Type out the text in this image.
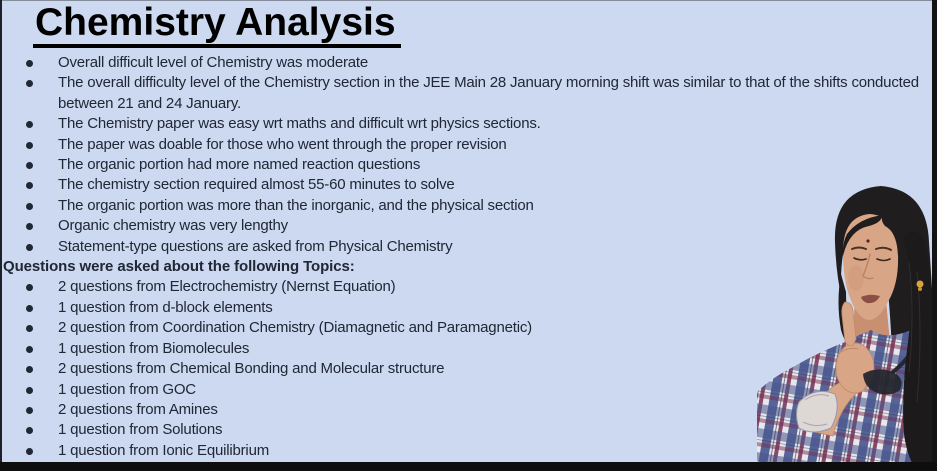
Chemistry Analysis
Overall difficult level of Chemistry was moderate
The overall difficulty level of the Chemistry section in the JEE Main 28 January morning shift was similar to that of the shifts conducted between 21 and 24 January.
The Chemistry paper was easy wrt maths and difficult wrt physics sections.
The paper was doable for those who went through the proper revision
The organic portion had more named reaction questions
The chemistry section required almost 55-60 minutes to solve
The organic portion was more than the inorganic, and the physical section
Organic chemistry was very lengthy
Statement-type questions are asked from Physical Chemistry
Questions were asked about the following Topics:
2 questions from Electrochemistry (Nernst Equation)
1 question from d-block elements
2 question from Coordination Chemistry (Diamagnetic and Paramagnetic)
1 question from Biomolecules
2 questions from Chemical Bonding and Molecular structure
1 question from GOC
2 questions from Amines
1 question from Solutions
1 question from Ionic Equilibrium
